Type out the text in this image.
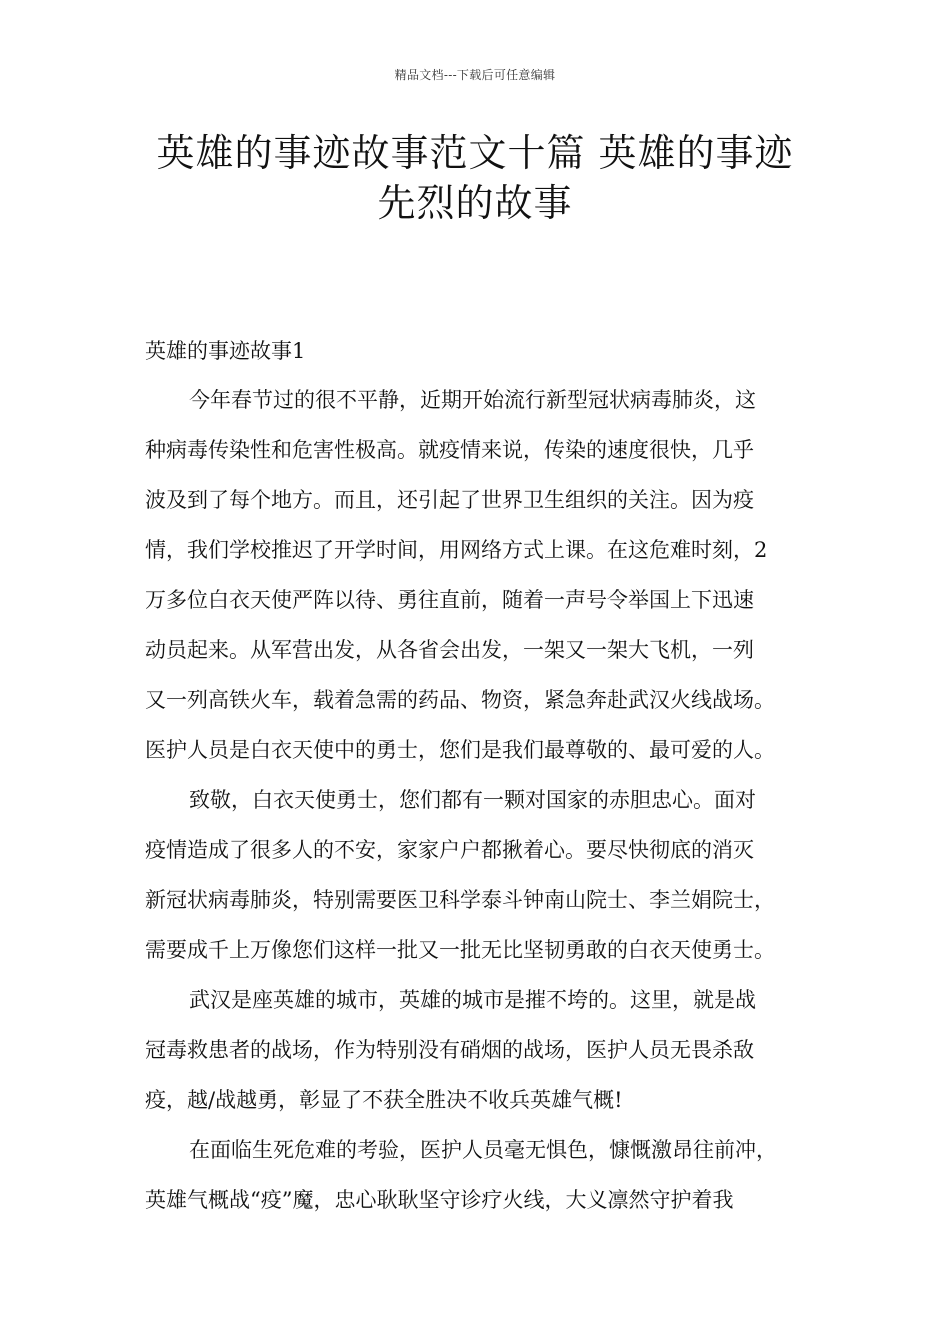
精品文档---下载后可任意编辑
英雄的事迹故事范文十篇 英雄的事迹
先烈的故事
英雄的事迹故事1
今年春节过的很不平静，近期开始流行新型冠状病毒肺炎，这
种病毒传染性和危害性极高。就疫情来说，传染的速度很快，几乎
波及到了每个地方。而且，还引起了世界卫生组织的关注。因为疫
情，我们学校推迟了开学时间，用网络方式上课。在这危难时刻，2
万多位白衣天使严阵以待、勇往直前，随着一声号令举国上下迅速
动员起来。从军营出发，从各省会出发，一架又一架大飞机，一列
又一列高铁火车，载着急需的药品、物资，紧急奔赴武汉火线战场。
医护人员是白衣天使中的勇士，您们是我们最尊敬的、最可爱的人。
致敬，白衣天使勇士，您们都有一颗对国家的赤胆忠心。面对
疫情造成了很多人的不安，家家户户都揪着心。要尽快彻底的消灭
新冠状病毒肺炎，特别需要医卫科学泰斗钟南山院士、李兰娟院士，
需要成千上万像您们这样一批又一批无比坚韧勇敢的白衣天使勇士。
武汉是座英雄的城市，英雄的城市是摧不垮的。这里，就是战
冠毒救患者的战场，作为特别没有硝烟的战场，医护人员无畏杀敌
疫，越/战越勇，彰显了不获全胜决不收兵英雄气概!
在面临生死危难的考验，医护人员毫无惧色，慷慨激昂往前冲，
英雄气概战“疫”魔，忠心耿耿坚守诊疗火线，大义凛然守护着我
